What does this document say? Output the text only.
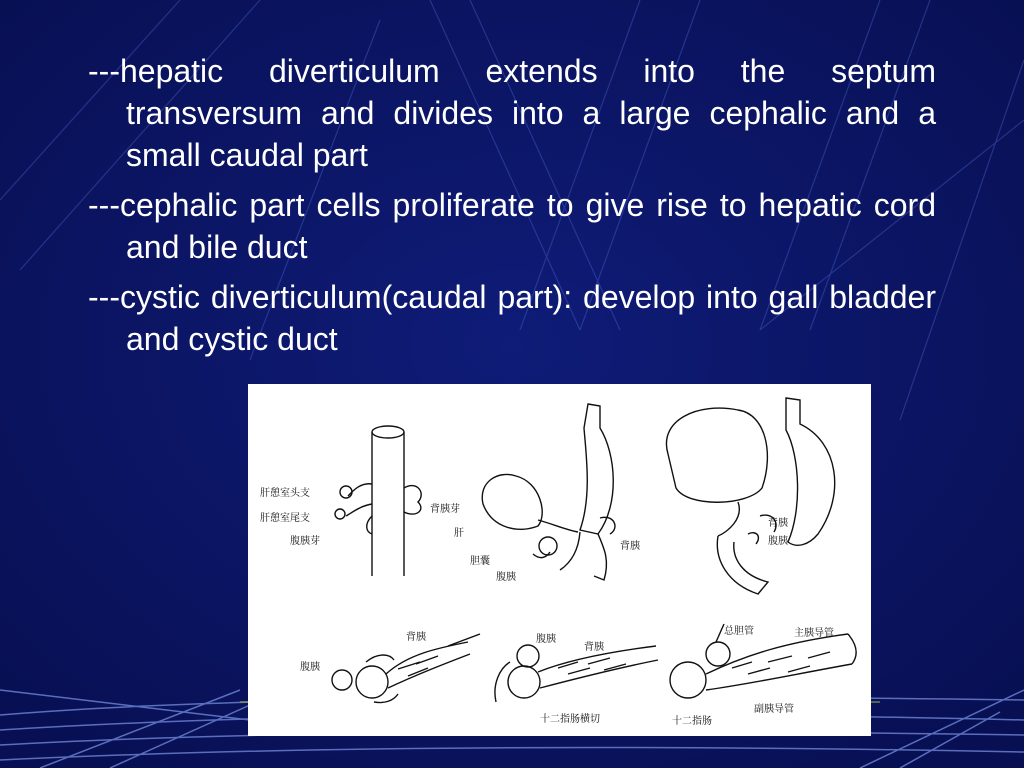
---hepatic diverticulum extends into the septum transversum and divides into a large cephalic and a small caudal part
---cephalic part cells proliferate to give rise to hepatic cord and bile duct
---cystic diverticulum(caudal part): develop into gall bladder and cystic duct
肝憩室头支
肝憩室尾支
腹胰芽
背胰芽
肝
胆囊
腹胰
背胰
背胰
腹胰
背胰
腹胰
腹胰
背胰
十二指肠横切
总胆管	主胰导管
十二指肠
副胰导管
